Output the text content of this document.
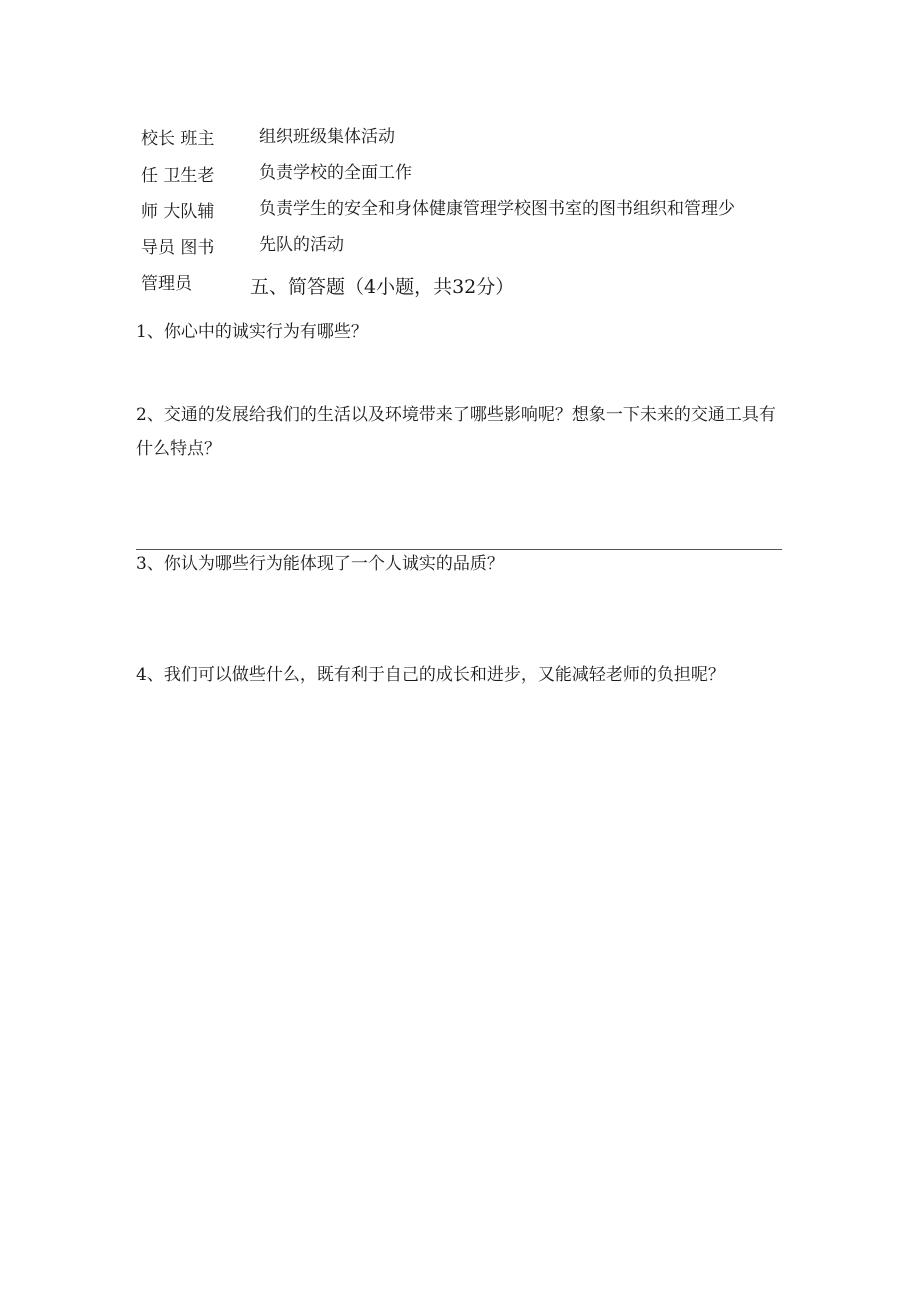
校长 班主
任 卫生老
师 大队辅
导员 图书
管理员
组织班级集体活动
负责学校的全面工作
负责学生的安全和身体健康管理学校图书室的图书组织和管理少
先队的活动
五、简答题（4小题，共32分）
1、你心中的诚实行为有哪些？
2、交通的发展给我们的生活以及环境带来了哪些影响呢？想象一下未来的交通工具有什么特点？
3、你认为哪些行为能体现了一个人诚实的品质？
4、我们可以做些什么，既有利于自己的成长和进步，又能减轻老师的负担呢？
